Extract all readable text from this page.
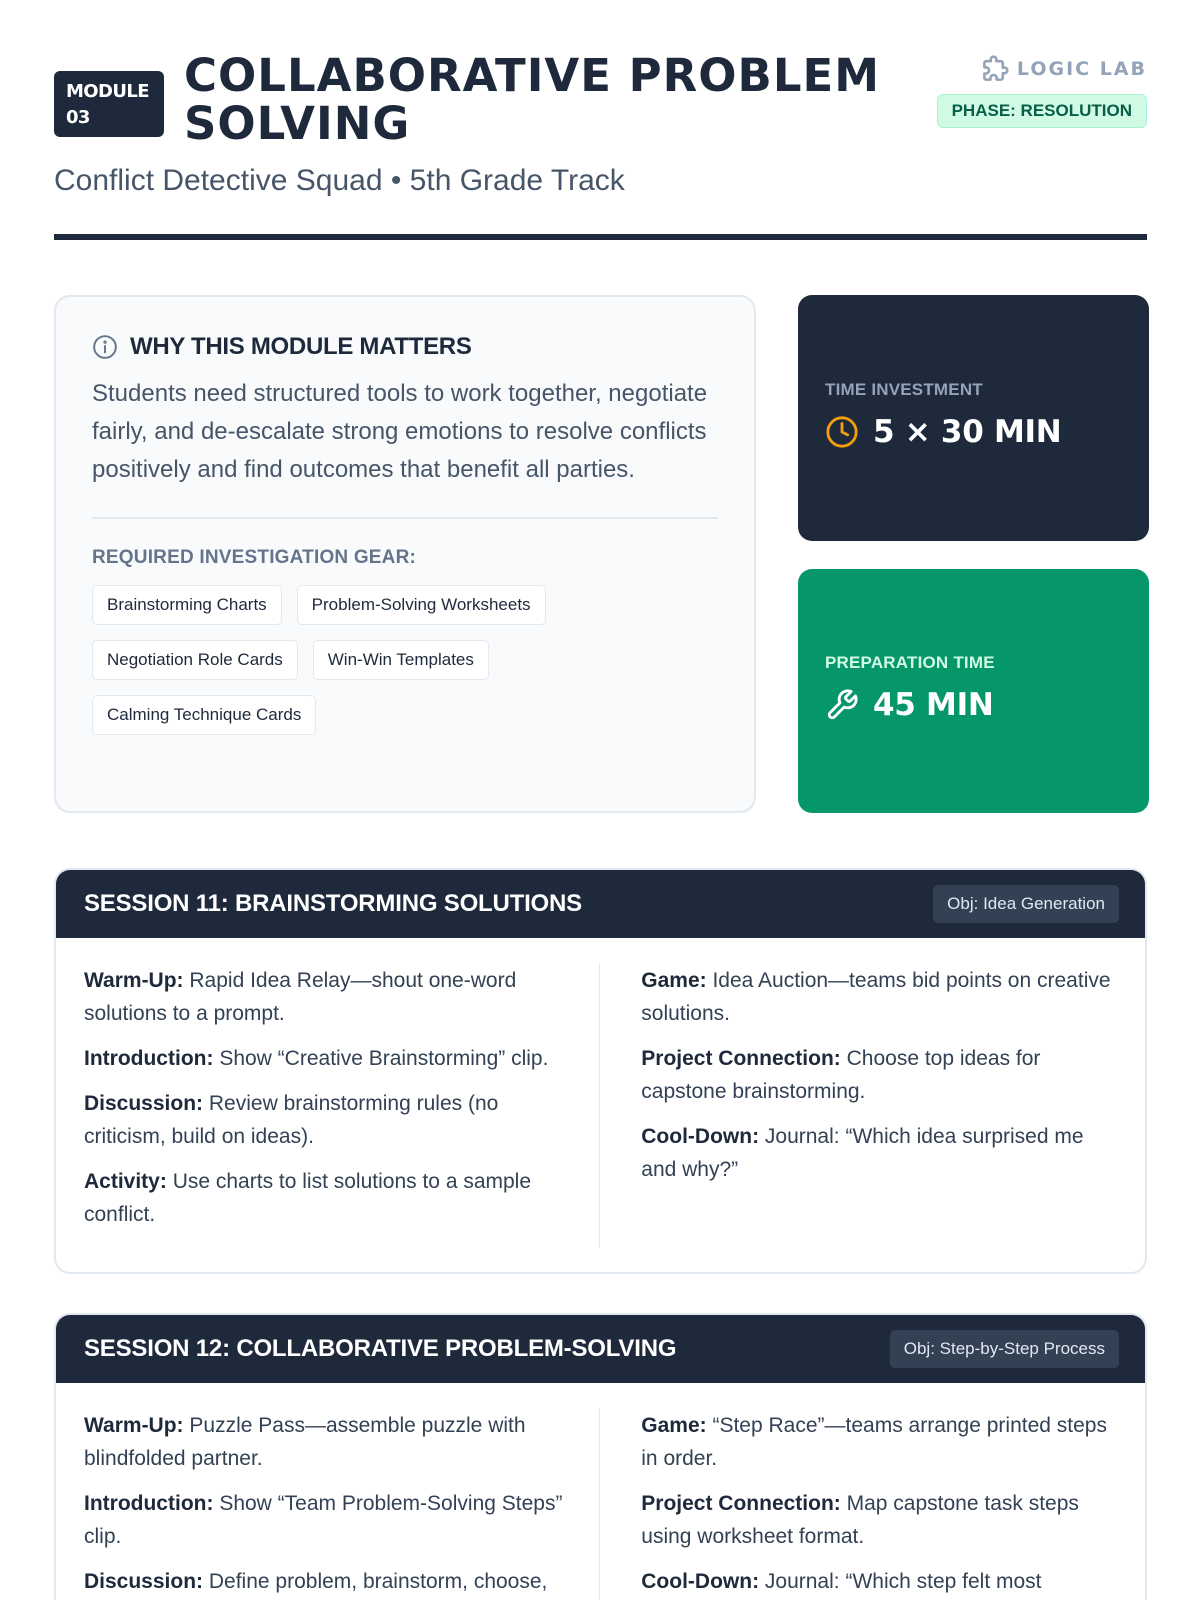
MODULE
03
COLLABORATIVE PROBLEM SOLVING
Conflict Detective Squad • 5th Grade Track
LOGIC LAB
PHASE: RESOLUTION
WHY THIS MODULE MATTERS

Students need structured tools to work together, negotiate fairly, and de-escalate strong emotions to resolve conflicts positively and find outcomes that benefit all parties.

REQUIRED INVESTIGATION GEAR:
Brainstorming Charts	Problem-Solving Worksheets
Negotiation Role Cards	Win-Win Templates
Calming Technique Cards
TIME INVESTMENT
5 × 30 MIN
PREPARATION TIME
45 MIN
SESSION 11: BRAINSTORMING SOLUTIONS	Obj: Idea Generation

Warm-Up: Rapid Idea Relay—shout one-word solutions to a prompt.

Introduction: Show “Creative Brainstorming” clip.

Discussion: Review brainstorming rules (no criticism, build on ideas).

Activity: Use charts to list solutions to a sample conflict.

Game: Idea Auction—teams bid points on creative solutions.

Project Connection: Choose top ideas for capstone brainstorming.

Cool-Down: Journal: “Which idea surprised me and why?”

SESSION 12: COLLABORATIVE PROBLEM-SOLVING	Obj: Step-by-Step Process

Warm-Up: Puzzle Pass—assemble puzzle with blindfolded partner.

Introduction: Show “Team Problem-Solving Steps” clip.

Discussion: Define problem, brainstorm, choose,

Game: “Step Race”—teams arrange printed steps in order.

Project Connection: Map capstone task steps using worksheet format.

Cool-Down: Journal: “Which step felt most
